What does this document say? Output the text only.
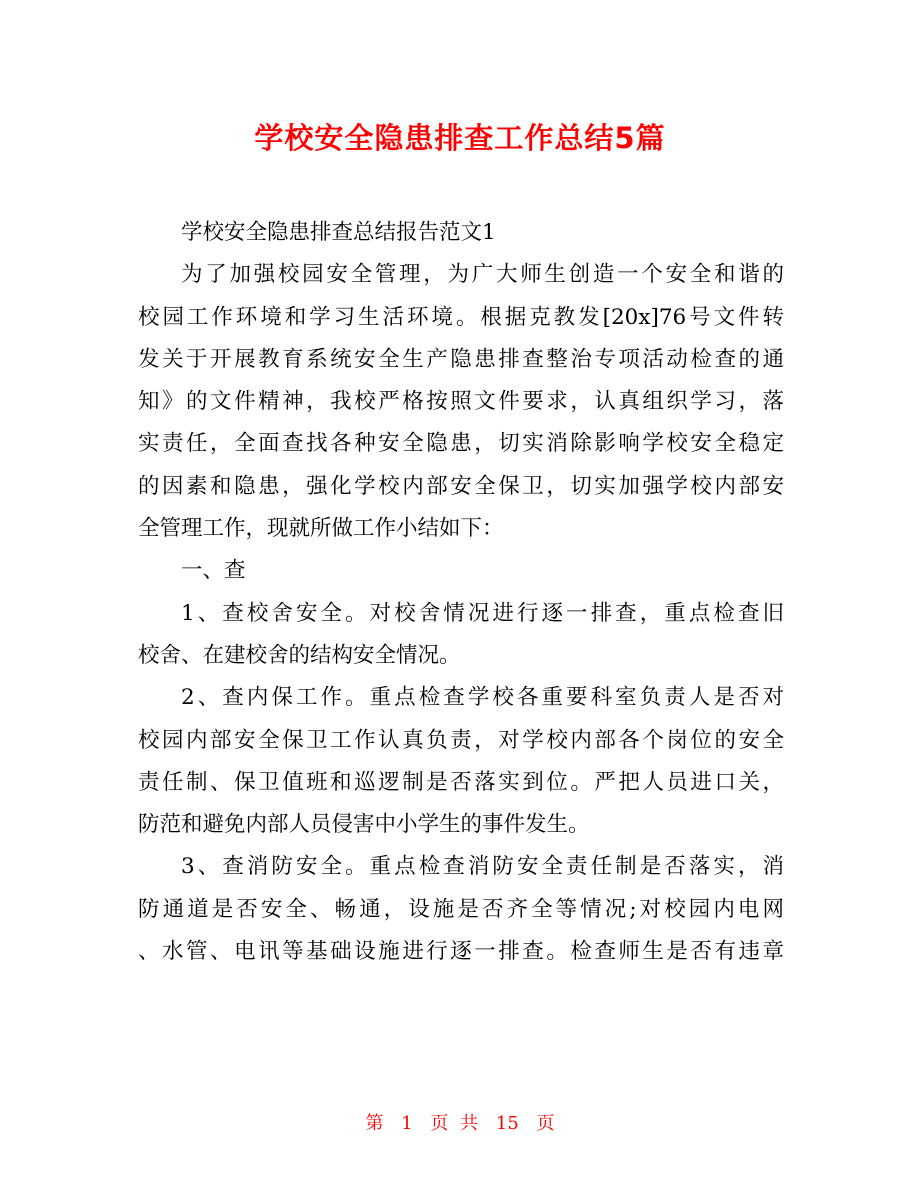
学校安全隐患排查工作总结5篇
学校安全隐患排查总结报告范文1
为了加强校园安全管理，为广大师生创造一个安全和谐的
校园工作环境和学习生活环境。根据克教发[20x]76号文件转
发关于开展教育系统安全生产隐患排查整治专项活动检查的通
知》的文件精神，我校严格按照文件要求，认真组织学习，落
实责任，全面查找各种安全隐患，切实消除影响学校安全稳定
的因素和隐患，强化学校内部安全保卫，切实加强学校内部安
全管理工作，现就所做工作小结如下：
一、查
1、查校舍安全。对校舍情况进行逐一排查，重点检查旧
校舍、在建校舍的结构安全情况。
2、查内保工作。重点检查学校各重要科室负责人是否对
校园内部安全保卫工作认真负责，对学校内部各个岗位的安全
责任制、保卫值班和巡逻制是否落实到位。严把人员进口关，
防范和避免内部人员侵害中小学生的事件发生。
3、查消防安全。重点检查消防安全责任制是否落实，消
防通道是否安全、畅通，设施是否齐全等情况;对校园内电网
、水管、电讯等基础设施进行逐一排查。检查师生是否有违章
第 1 页 共 15 页
